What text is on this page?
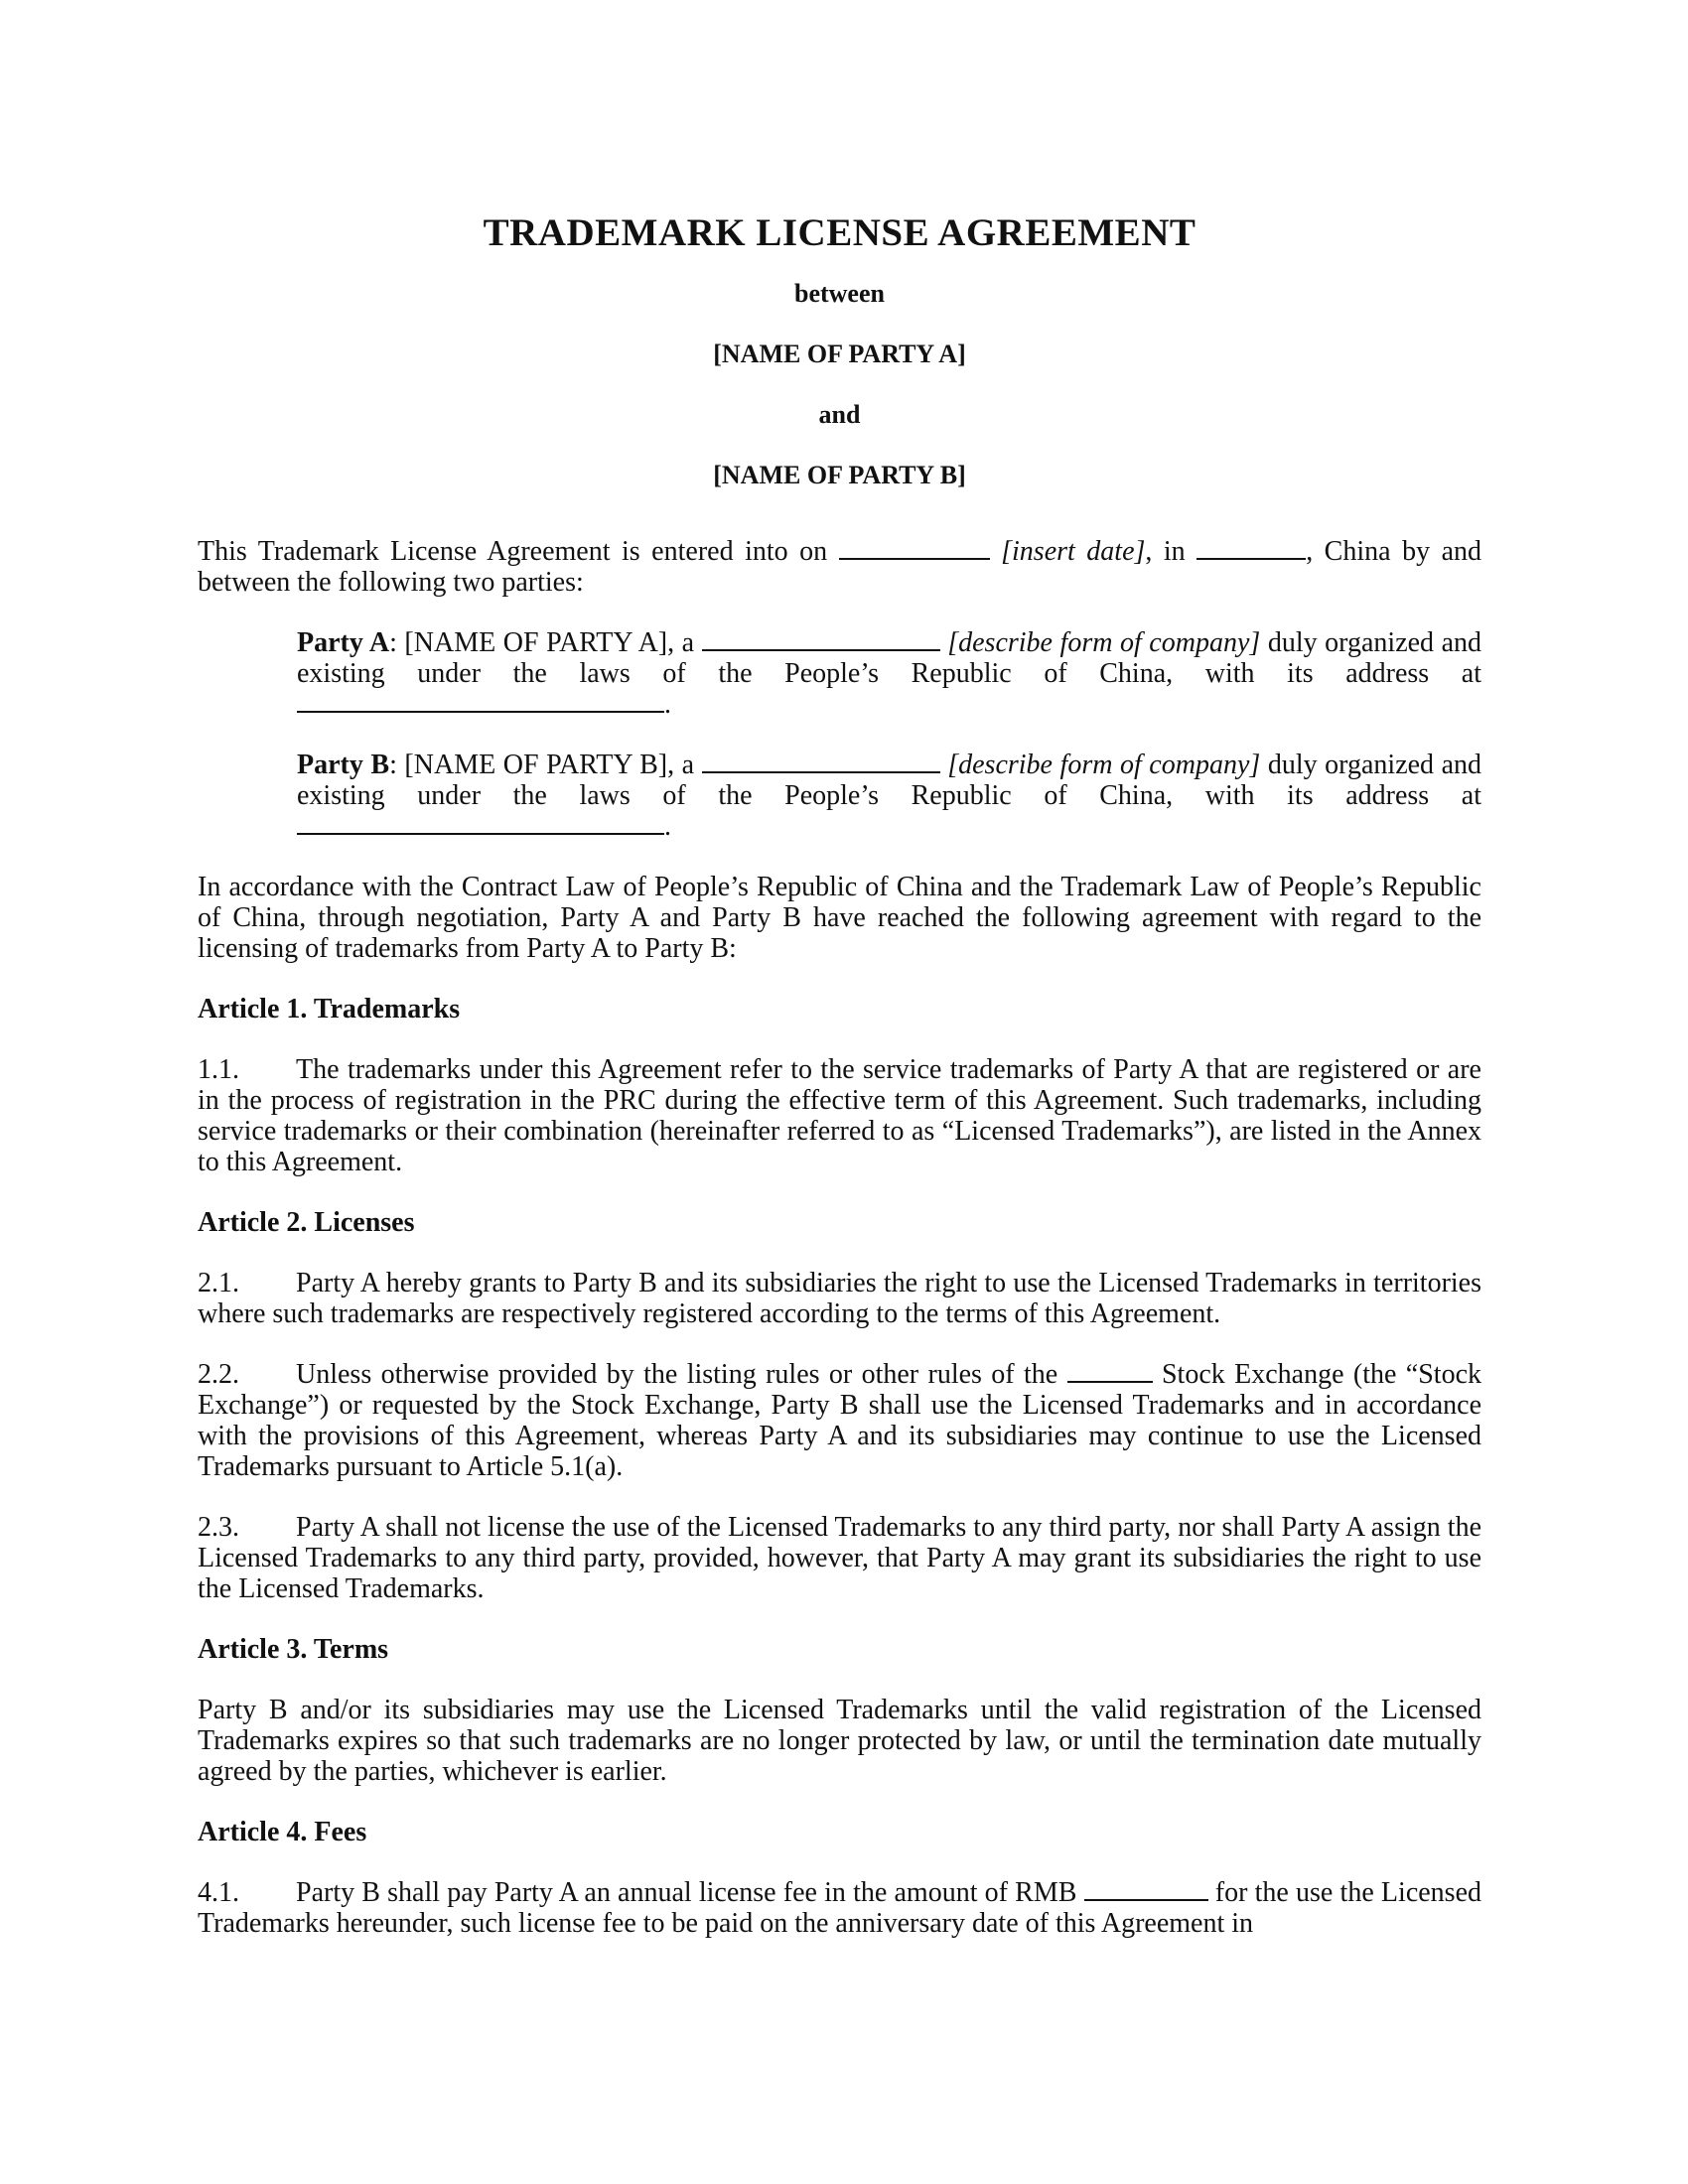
TRADEMARK LICENSE AGREEMENT
between
[NAME OF PARTY A]
and
[NAME OF PARTY B]

This Trademark License Agreement is entered into on	[insert date], in	, China by and between the following two parties:

Party A: [NAME OF PARTY A], a	[describe form of company] duly organized and existing under the laws of the People’s Republic of China, with its address at .

Party B: [NAME OF PARTY B], a	[describe form of company] duly organized and existing under the laws of the People’s Republic of China, with its address at .

In accordance with the Contract Law of People’s Republic of China and the Trademark Law of People’s Republic of China, through negotiation, Party A and Party B have reached the following agreement with regard to the licensing of trademarks from Party A to Party B:

Article 1. Trademarks

1.1. The trademarks under this Agreement refer to the service trademarks of Party A that are registered or are in the process of registration in the PRC during the effective term of this Agreement. Such trademarks, including service trademarks or their combination (hereinafter referred to as “Licensed Trademarks”), are listed in the Annex to this Agreement.

Article 2. Licenses

2.1. Party A hereby grants to Party B and its subsidiaries the right to use the Licensed Trademarks in territories where such trademarks are respectively registered according to the terms of this Agreement.

2.2. Unless otherwise provided by the listing rules or other rules of the	Stock Exchange (the “Stock Exchange”) or requested by the Stock Exchange, Party B shall use the Licensed Trademarks and in accordance with the provisions of this Agreement, whereas Party A and its subsidiaries may continue to use the Licensed Trademarks pursuant to Article 5.1(a).

2.3. Party A shall not license the use of the Licensed Trademarks to any third party, nor shall Party A assign the Licensed Trademarks to any third party, provided, however, that Party A may grant its subsidiaries the right to use the Licensed Trademarks.

Article 3. Terms

Party B and/or its subsidiaries may use the Licensed Trademarks until the valid registration of the Licensed Trademarks expires so that such trademarks are no longer protected by law, or until the termination date mutually agreed by the parties, whichever is earlier.

Article 4. Fees

4.1. Party B shall pay Party A an annual license fee in the amount of RMB	for the use the Licensed Trademarks hereunder, such license fee to be paid on the anniversary date of this Agreement in
